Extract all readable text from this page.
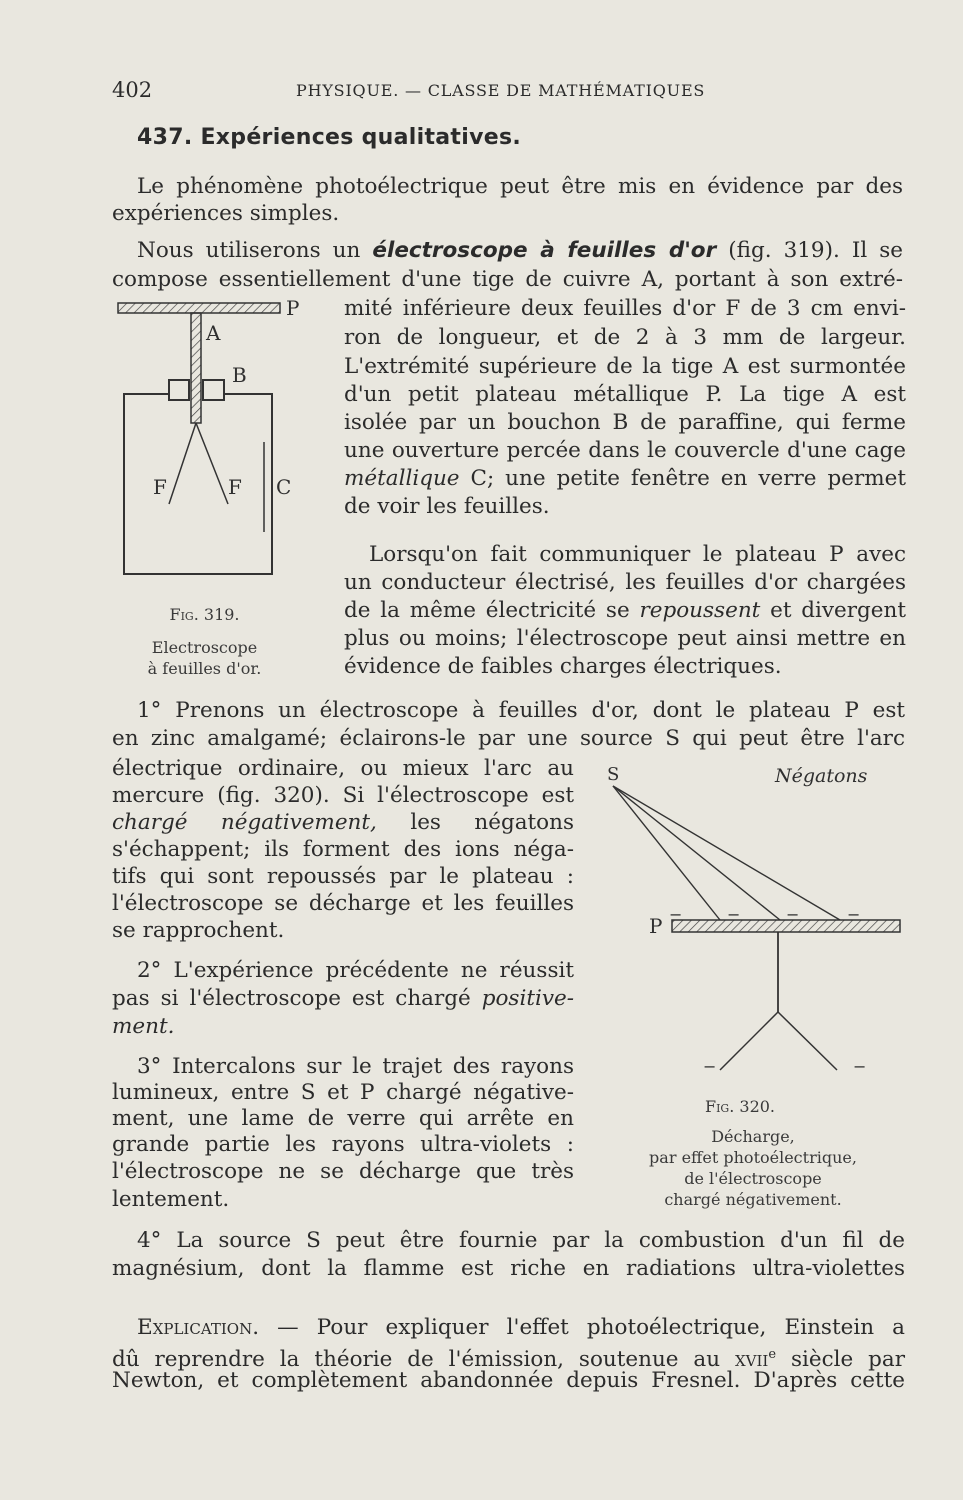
402	PHYSIQUE. — CLASSE DE MATHÉMATIQUES
437. Expériences qualitatives.
Le phénomène photoélectrique peut être mis en évidence par des
expériences simples.
Nous utiliserons un électroscope à feuilles d'or (fig. 319). Il se
compose essentiellement d'une tige de cuivre A, portant à son extré-
P
A
B
F	F C
Fig. 319.
Electroscope
à feuilles d'or.
mité inférieure deux feuilles d'or F de 3 cm envi-
ron de longueur, et de 2 à 3 mm de largeur.
L'extrémité supérieure de la tige A est surmontée
d'un petit plateau métallique P. La tige A est
isolée par un bouchon B de paraffine, qui ferme
une ouverture percée dans le couvercle d'une cage
métallique C; une petite fenêtre en verre permet
de voir les feuilles.
Lorsqu'on fait communiquer le plateau P avec
un conducteur électrisé, les feuilles d'or chargées
de la même électricité se repoussent et divergent
plus ou moins; l'électroscope peut ainsi mettre en
évidence de faibles charges électriques.
1° Prenons un électroscope à feuilles d'or, dont le plateau P est
en zinc amalgamé; éclairons-le par une source S qui peut être l'arc
électrique ordinaire, ou mieux l'arc au
mercure (fig. 320). Si l'électroscope est
chargé négativement, les négatons
s'échappent; ils forment des ions néga-
tifs qui sont repoussés par le plateau :
l'électroscope se décharge et les feuilles
se rapprochent.
2° L'expérience précédente ne réussit
pas si l'électroscope est chargé positive-
ment.
3° Intercalons sur le trajet des rayons
lumineux, entre S et P chargé négative-
ment, une lame de verre qui arrête en
grande partie les rayons ultra-violets :
l'électroscope ne se décharge que très
lentement.
S	Négatons
P −	−	−	−
−	−
Fig. 320.
Décharge,
par effet photoélectrique,
de l'électroscope
chargé négativement.
4° La source S peut être fournie par la combustion d'un fil de
magnésium, dont la flamme est riche en radiations ultra-violettes
Explication. — Pour expliquer l'effet photoélectrique, Einstein a
dû reprendre la théorie de l'émission, soutenue au xvii$^e$ siècle par
Newton, et complètement abandonnée depuis Fresnel. D'après cette
